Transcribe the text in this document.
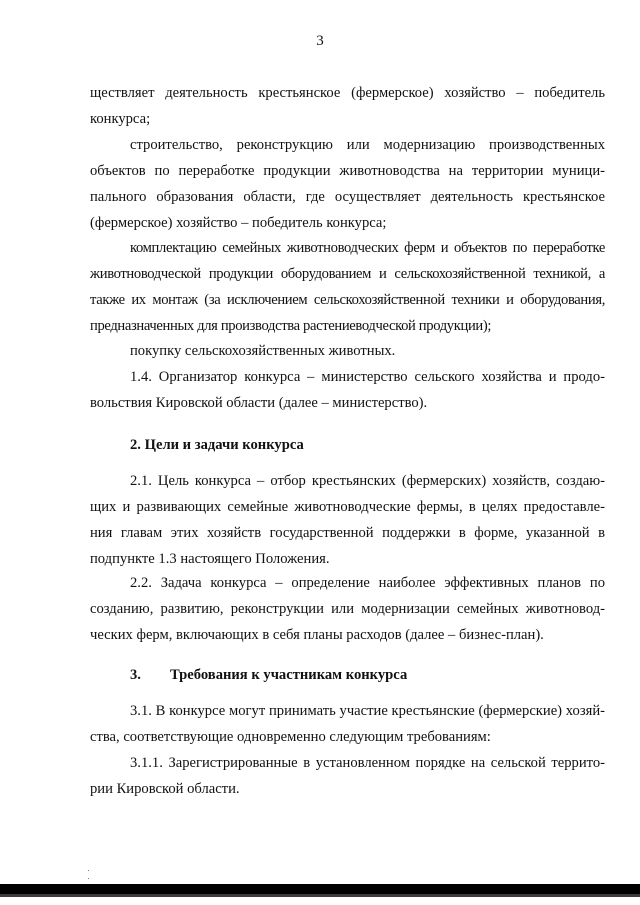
3
ществляет деятельность крестьянское (фермерское) хозяйство – победитель
конкурса;
строительство, реконструкцию или модернизацию производственных
объектов по переработке продукции животноводства на территории муници-
пального образования области, где осуществляет деятельность крестьянское
(фермерское) хозяйство – победитель конкурса;
комплектацию семейных животноводческих ферм и объектов по переработке
животноводческой продукции оборудованием и сельскохозяйственной техникой, а
также их монтаж (за исключением сельскохозяйственной техники и оборудования,
предназначенных для производства растениеводческой продукции);
покупку сельскохозяйственных животных.
1.4. Организатор конкурса – министерство сельского хозяйства и продо-
вольствия Кировской области (далее – министерство).
2. Цели и задачи конкурса
2.1. Цель конкурса – отбор крестьянских (фермерских) хозяйств, создаю-
щих и развивающих семейные животноводческие фермы, в целях предоставле-
ния главам этих хозяйств государственной поддержки в форме, указанной в
подпункте 1.3 настоящего Положения.
2.2. Задача конкурса – определение наиболее эффективных планов по
созданию, развитию, реконструкции или модернизации семейных животновод-
ческих ферм, включающих в себя планы расходов (далее – бизнес-план).
3. Требования к участникам конкурса
3.1. В конкурсе могут принимать участие крестьянские (фермерские) хозяй-
ства, соответствующие одновременно следующим требованиям:
3.1.1. Зарегистрированные в установленном порядке на сельской террито-
рии Кировской области.
